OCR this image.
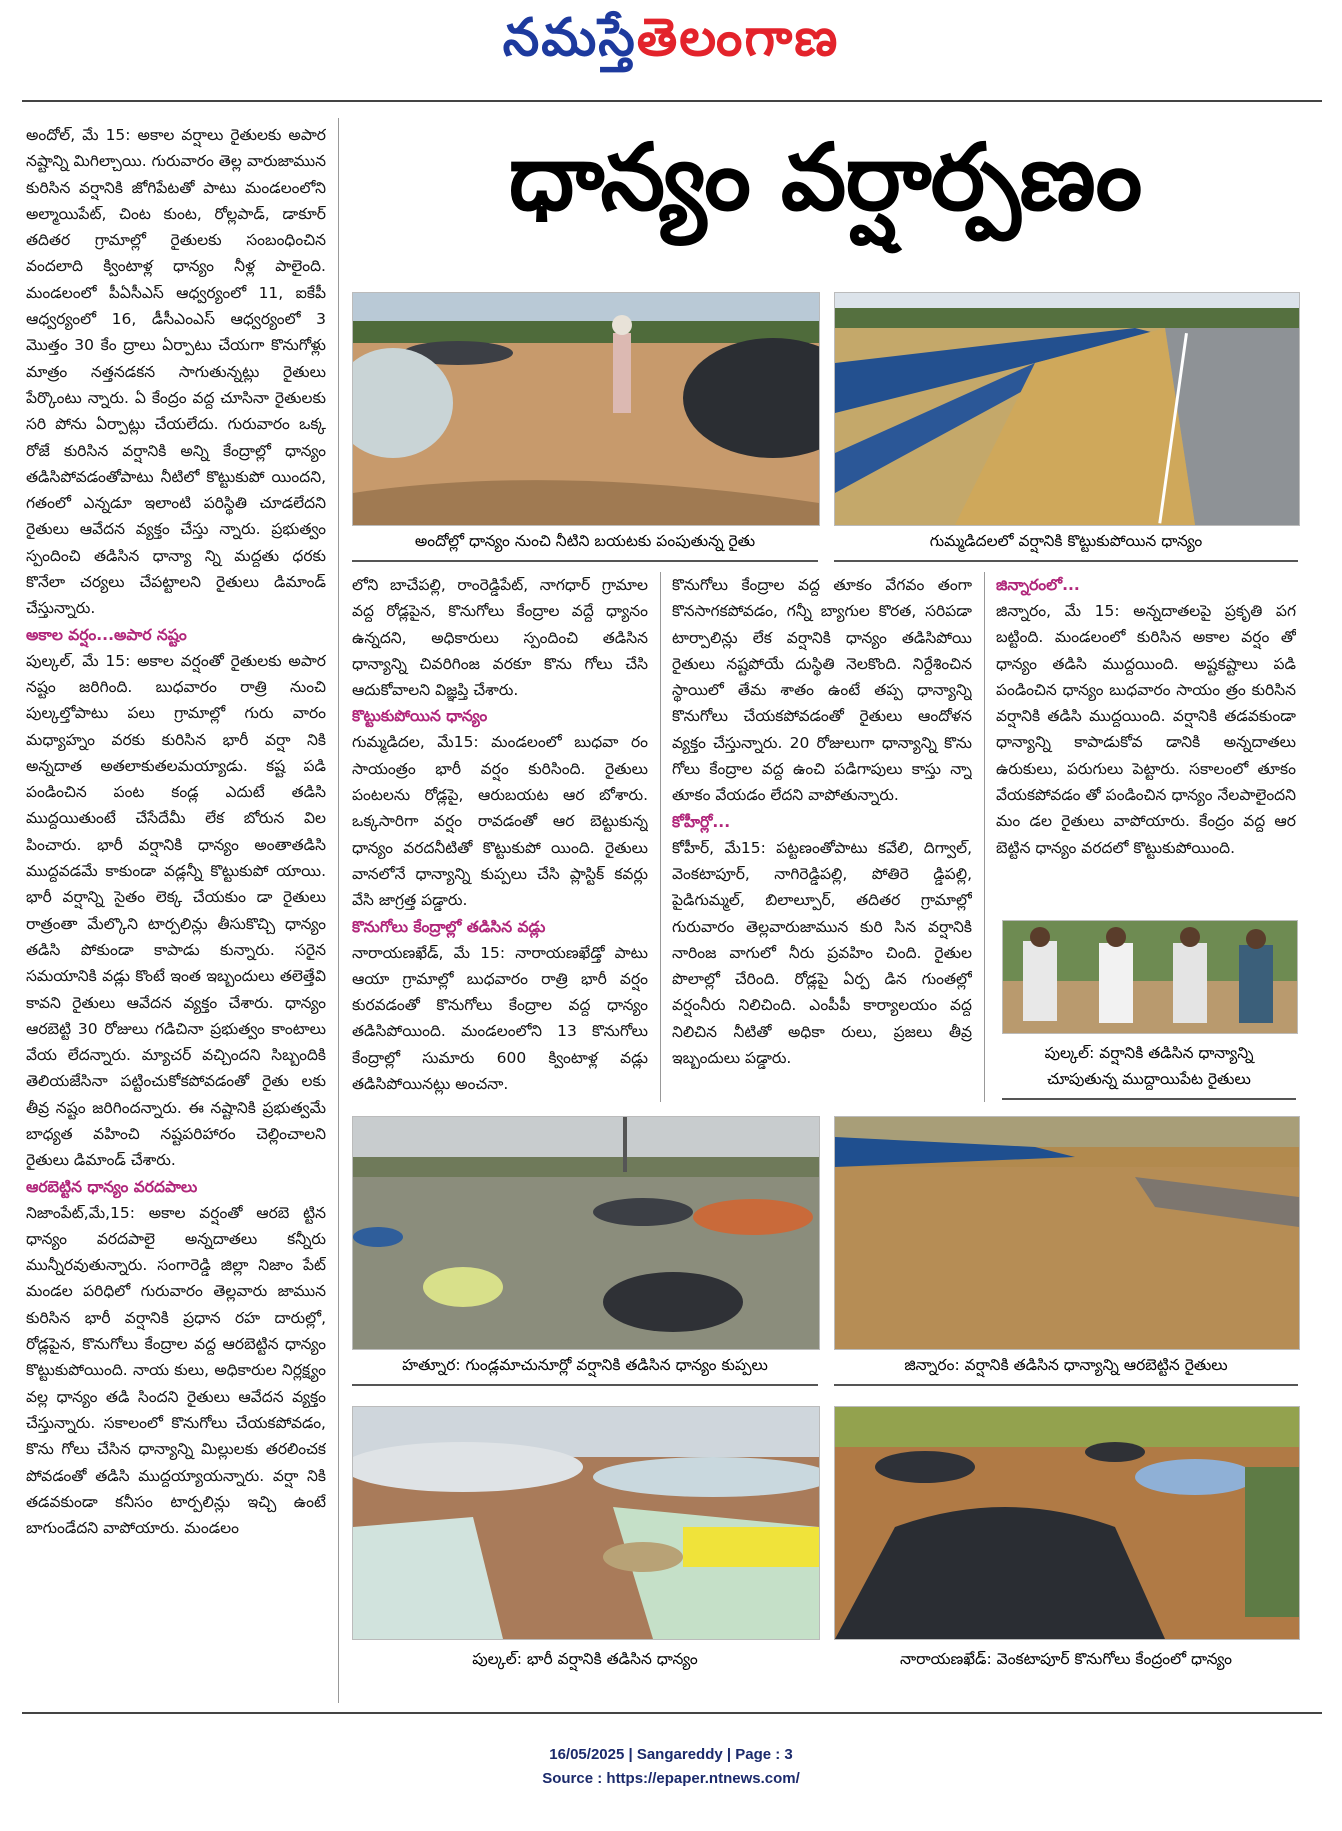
నమస్తేతెలంగాణ

అందోల్, మే 15: అకాల వర్షాలు రైతులకు అపార నష్టాన్ని మిగిల్చాయి. గురువారం తెల్ల వారుజామున కురిసిన వర్షానికి జోగిపేటతో పాటు మండలంలోని అల్మాయిపేట్, చింట కుంట, రోల్లపాడ్, డాకూర్ తదితర గ్రామాల్లో రైతులకు సంబంధించిన వందలాది క్వింటాళ్ల ధాన్యం నీళ్ల పాలైంది. మండలంలో పీఏసీఎస్ ఆధ్వర్యంలో 11, ఐకేపీ ఆధ్వర్యంలో 16, డీసీఎంఎస్ ఆధ్వర్యంలో 3 మొత్తం 30 కేం ద్రాలు ఏర్పాటు చేయగా కొనుగోళ్లు మాత్రం నత్తనడకన సాగుతున్నట్లు రైతులు పేర్కొంటు న్నారు. ఏ కేంద్రం వద్ద చూసినా రైతులకు సరి పోను ఏర్పాట్లు చేయలేదు. గురువారం ఒక్క రోజే కురిసిన వర్షానికి అన్ని కేంద్రాల్లో ధాన్యం తడిసిపోవడంతోపాటు నీటిలో కొట్టుకుపో యిందని, గతంలో ఎన్నడూ ఇలాంటి పరిస్థితి చూడలేదని రైతులు ఆవేదన వ్యక్తం చేస్తు న్నారు. ప్రభుత్వం స్పందించి తడిసిన ధాన్యా న్ని మద్దతు ధరకు కొనేలా చర్యలు చేపట్టాలని రైతులు డిమాండ్ చేస్తున్నారు.

అకాల వర్షం...అపార నష్టం

పుల్కల్, మే 15: అకాల వర్షంతో రైతులకు అపార నష్టం జరిగింది. బుధవారం రాత్రి నుంచి పుల్కల్తోపాటు పలు గ్రామాల్లో గురు వారం మధ్యాహ్నం వరకు కురిసిన భారీ వర్షా నికి అన్నదాత అతలాకుతలమయ్యాడు. కష్ట పడి పండించిన పంట కండ్ల ఎదుటే తడిసి ముద్దయితుంటే చేసేదేమీ లేక బోరున విల పించారు. భారీ వర్షానికి ధాన్యం అంతాతడిసి ముద్దవడమే కాకుండా వడ్లన్నీ కొట్టుకుపో యాయి. భారీ వర్షాన్ని సైతం లెక్క చేయకుం డా రైతులు రాత్రంతా మేల్కొని టార్పలిన్లు తీసుకొచ్చి ధాన్యం తడిసి పోకుండా కాపాడు కున్నారు. సరైన సమయానికి వడ్లు కొంటే ఇంత ఇబ్బందులు తలెత్తేవి కావని రైతులు ఆవేదన వ్యక్తం చేశారు. ధాన్యం ఆరబెట్టి 30 రోజులు గడిచినా ప్రభుత్వం కాంటాలు వేయ లేదన్నారు. మ్యాచర్ వచ్చిందని సిబ్బందికి తెలియజేసినా పట్టించుకోకపోవడంతో రైతు లకు తీవ్ర నష్టం జరిగిందన్నారు. ఈ నష్టానికి ప్రభుత్వమే బాధ్యత వహించి నష్టపరిహారం చెల్లించాలని రైతులు డిమాండ్ చేశారు.

ఆరబెట్టిన ధాన్యం వరదపాలు

నిజాంపేట్,మే,15: అకాల వర్షంతో ఆరబె ట్టిన ధాన్యం వరదపాలై అన్నదాతలు కన్నీరు మున్నీరవుతున్నారు. సంగారెడ్డి జిల్లా నిజాం పేట్ మండల పరిధిలో గురువారం తెల్లవారు జామున కురిసిన భారీ వర్షానికి ప్రధాన రహ దారుల్లో, రోడ్లపైన, కొనుగోలు కేంద్రాల వద్ద ఆరబెట్టిన ధాన్యం కొట్టుకుపోయింది. నాయ కులు, అధికారుల నిర్లక్ష్యం వల్ల ధాన్యం తడి సిందని రైతులు ఆవేదన వ్యక్తం చేస్తున్నారు. సకాలంలో కొనుగోలు చేయకపోవడం, కొను గోలు చేసిన ధాన్యాన్ని మిల్లులకు తరలించక పోవడంతో తడిసి ముద్దయ్యాయన్నారు. వర్షా నికి తడవకుండా కనీసం టార్పలిన్లు ఇచ్చి ఉంటే బాగుండేదని వాపోయారు. మండలం

ధాన్యం వర్షార్పణం
అందోల్లో ధాన్యం నుంచి నీటిని బయటకు పంపుతున్న రైతు	గుమ్మడిదలలో వర్షానికి కొట్టుకుపోయిన ధాన్యం

లోని బాచేపల్లి, రాంరెడ్డిపేట్, నాగధార్ గ్రామాల వద్ద రోడ్లపైన, కొనుగోలు కేంద్రాల వద్దే ధ్యానం ఉన్నదని, అధికారులు స్పందించి తడిసిన ధాన్యాన్ని చివరిగింజ వరకూ కొను గోలు చేసి ఆదుకోవాలని విజ్ఞప్తి చేశారు.

కొట్టుకుపోయిన ధాన్యం

గుమ్మడిదల, మే15: మండలంలో బుధవా రం సాయంత్రం భారీ వర్షం కురిసింది. రైతులు పంటలను రోడ్లపై, ఆరుబయట ఆర బోశారు. ఒక్కసారిగా వర్షం రావడంతో ఆర బెట్టుకున్న ధాన్యం వరదనీటితో కొట్టుకుపో యింది. రైతులు వానలోనే ధాన్యాన్ని కుప్పలు చేసి ప్లాస్టిక్ కవర్లు వేసి జాగ్రత్త పడ్డారు.

కొనుగోలు కేంద్రాల్లో తడిసిన వడ్లు

నారాయణఖేడ్, మే 15: నారాయణఖేడ్తో పాటు ఆయా గ్రామాల్లో బుధవారం రాత్రి భారీ వర్షం కురవడంతో కొనుగోలు కేంద్రాల వద్ద ధాన్యం తడిసిపోయింది. మండలంలోని 13 కొనుగోలు కేంద్రాల్లో సుమారు 600 క్వింటాళ్ల వడ్లు తడిసిపోయినట్లు అంచనా.

కొనుగోలు కేంద్రాల వద్ద తూకం వేగవం తంగా కొనసాగకపోవడం, గన్నీ బ్యాగుల కొరత, సరిపడా టార్పాలిన్లు లేక వర్షానికి ధాన్యం తడిసిపోయి రైతులు నష్టపోయే దుస్థితి నెలకొంది. నిర్దేశించిన స్థాయిలో తేమ శాతం ఉంటే తప్ప ధాన్యాన్ని కొనుగోలు చేయకపోవడంతో రైతులు ఆందోళన వ్యక్తం చేస్తున్నారు. 20 రోజులుగా ధాన్యాన్ని కొను గోలు కేంద్రాల వద్ద ఉంచి పడిగాపులు కాస్తు న్నా తూకం వేయడం లేదని వాపోతున్నారు.

కోహీర్లో...

కోహీర్, మే15: పట్టణంతోపాటు కవేలి, దిగ్వాల్, వెంకటాపూర్, నాగిరెడ్డిపల్లి, పోతిరె డ్డిపల్లి, పైడిగుమ్మల్, బిలాల్పూర్, తదితర గ్రామాల్లో గురువారం తెల్లవారుజామున కురి సిన వర్షానికి నారింజ వాగులో నీరు ప్రవహిం చింది. రైతుల పొలాల్లో చేరింది. రోడ్లపై ఏర్ప డిన గుంతల్లో వర్షంనీరు నిలిచింది. ఎంపీపీ కార్యాలయం వద్ద నిలిచిన నీటితో అధికా రులు, ప్రజలు తీవ్ర ఇబ్బందులు పడ్డారు.

జిన్నారంలో...

జిన్నారం, మే 15: అన్నదాతలపై ప్రకృతి పగ బట్టింది. మండలంలో కురిసిన అకాల వర్షం తో ధాన్యం తడిసి ముద్దయింది. అష్టకష్టాలు పడి పండించిన ధాన్యం బుధవారం సాయం త్రం కురిసిన వర్షానికి తడిసి ముద్దయింది. వర్షానికి తడవకుండా ధాన్యాన్ని కాపాడుకోవ డానికి అన్నదాతలు ఉరుకులు, పరుగులు పెట్టారు. సకాలంలో తూకం వేయకపోవడం తో పండించిన ధాన్యం నేలపాలైందని మం డల రైతులు వాపోయారు. కేంద్రం వద్ద ఆర బెట్టిన ధాన్యం వరదలో కొట్టుకుపోయింది.

పుల్కల్: వర్షానికి తడిసిన ధాన్యాన్ని
చూపుతున్న ముద్దాయిపేట రైతులు
హత్నూర: గుండ్లమాచునూర్లో వర్షానికి తడిసిన ధాన్యం కుప్పలు	జిన్నారం: వర్షానికి తడిసిన ధాన్యాన్ని ఆరబెట్టిన రైతులు
పుల్కల్: భారీ వర్షానికి తడిసిన ధాన్యం	నారాయణఖేడ్: వెంకటాపూర్ కొనుగోలు కేంద్రంలో ధాన్యం
16/05/2025 | Sangareddy | Page : 3
Source : https://epaper.ntnews.com/
